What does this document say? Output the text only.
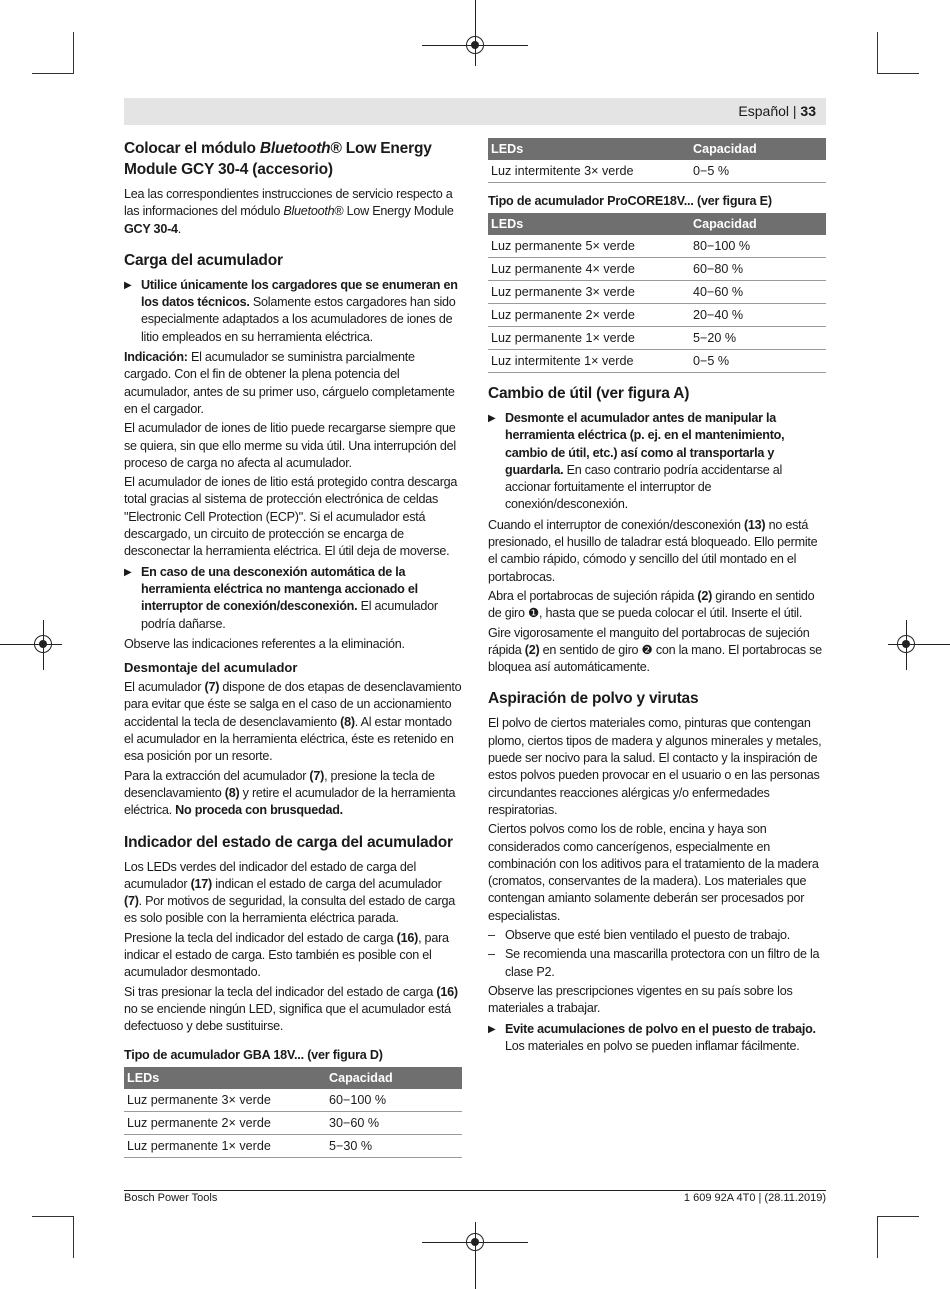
Español | 33
Colocar el módulo Bluetooth® Low Energy Module GCY 30-4 (accesorio)

Lea las correspondientes instrucciones de servicio respecto a las informaciones del módulo Bluetooth® Low Energy Module GCY 30-4.

Carga del acumulador
▶ Utilice únicamente los cargadores que se enumeran en los datos técnicos. Solamente estos cargadores han sido especialmente adaptados a los acumuladores de iones de litio empleados en su herramienta eléctrica.

Indicación: El acumulador se suministra parcialmente cargado. Con el fin de obtener la plena potencia del acumulador, antes de su primer uso, cárguelo completamente en el cargador.

El acumulador de iones de litio puede recargarse siempre que se quiera, sin que ello merme su vida útil. Una interrupción del proceso de carga no afecta al acumulador.

El acumulador de iones de litio está protegido contra descarga total gracias al sistema de protección electrónica de celdas "Electronic Cell Protection (ECP)". Si el acumulador está descargado, un circuito de protección se encarga de desconectar la herramienta eléctrica. El útil deja de moverse.

▶ En caso de una desconexión automática de la herramienta eléctrica no mantenga accionado el interruptor de conexión/desconexión. El acumulador podría dañarse.

Observe las indicaciones referentes a la eliminación.

Desmontaje del acumulador

El acumulador (7) dispone de dos etapas de desenclavamiento para evitar que éste se salga en el caso de un accionamiento accidental la tecla de desenclavamiento (8). Al estar montado el acumulador en la herramienta eléctrica, éste es retenido en esa posición por un resorte.

Para la extracción del acumulador (7), presione la tecla de desenclavamiento (8) y retire el acumulador de la herramienta eléctrica. No proceda con brusquedad.

Indicador del estado de carga del acumulador

Los LEDs verdes del indicador del estado de carga del acumulador (17) indican el estado de carga del acumulador (7). Por motivos de seguridad, la consulta del estado de carga es solo posible con la herramienta eléctrica parada.

Presione la tecla del indicador del estado de carga (16), para indicar el estado de carga. Esto también es posible con el acumulador desmontado.

Si tras presionar la tecla del indicador del estado de carga (16) no se enciende ningún LED, significa que el acumulador está defectuoso y debe sustituirse.

Tipo de acumulador GBA 18V... (ver figura D)
LEDs	Capacidad
Luz permanente 3× verde	60−100 %
Luz permanente 2× verde	30−60 %
Luz permanente 1× verde	5−30 %
LEDs	Capacidad
Luz intermitente 3× verde	0−5 %
Tipo de acumulador ProCORE18V... (ver figura E)
LEDs	Capacidad
Luz permanente 5× verde	80−100 %
Luz permanente 4× verde	60−80 %
Luz permanente 3× verde	40−60 %
Luz permanente 2× verde	20−40 %
Luz permanente 1× verde	5−20 %
Luz intermitente 1× verde	0−5 %
Cambio de útil (ver figura A)
▶ Desmonte el acumulador antes de manipular la herramienta eléctrica (p. ej. en el mantenimiento, cambio de útil, etc.) así como al transportarla y guardarla. En caso contrario podría accidentarse al accionar fortuitamente el interruptor de conexión/desconexión.

Cuando el interruptor de conexión/desconexión (13) no está presionado, el husillo de taladrar está bloqueado. Ello permite el cambio rápido, cómodo y sencillo del útil montado en el portabrocas.

Abra el portabrocas de sujeción rápida (2) girando en sentido de giro ❶, hasta que se pueda colocar el útil. Inserte el útil.

Gire vigorosamente el manguito del portabrocas de sujeción rápida (2) en sentido de giro ❷ con la mano. El portabrocas se bloquea así automáticamente.

Aspiración de polvo y virutas

El polvo de ciertos materiales como, pinturas que contengan plomo, ciertos tipos de madera y algunos minerales y metales, puede ser nocivo para la salud. El contacto y la inspiración de estos polvos pueden provocar en el usuario o en las personas circundantes reacciones alérgicas y/o enfermedades respiratorias.

Ciertos polvos como los de roble, encina y haya son considerados como cancerígenos, especialmente en combinación con los aditivos para el tratamiento de la madera (cromatos, conservantes de la madera). Los materiales que contengan amianto solamente deberán ser procesados por especialistas.

– Observe que esté bien ventilado el puesto de trabajo.
– Se recomienda una mascarilla protectora con un filtro de la clase P2.

Observe las prescripciones vigentes en su país sobre los materiales a trabajar.

▶ Evite acumulaciones de polvo en el puesto de trabajo. Los materiales en polvo se pueden inflamar fácilmente.
Bosch Power Tools	1 609 92A 4T0 | (28.11.2019)
